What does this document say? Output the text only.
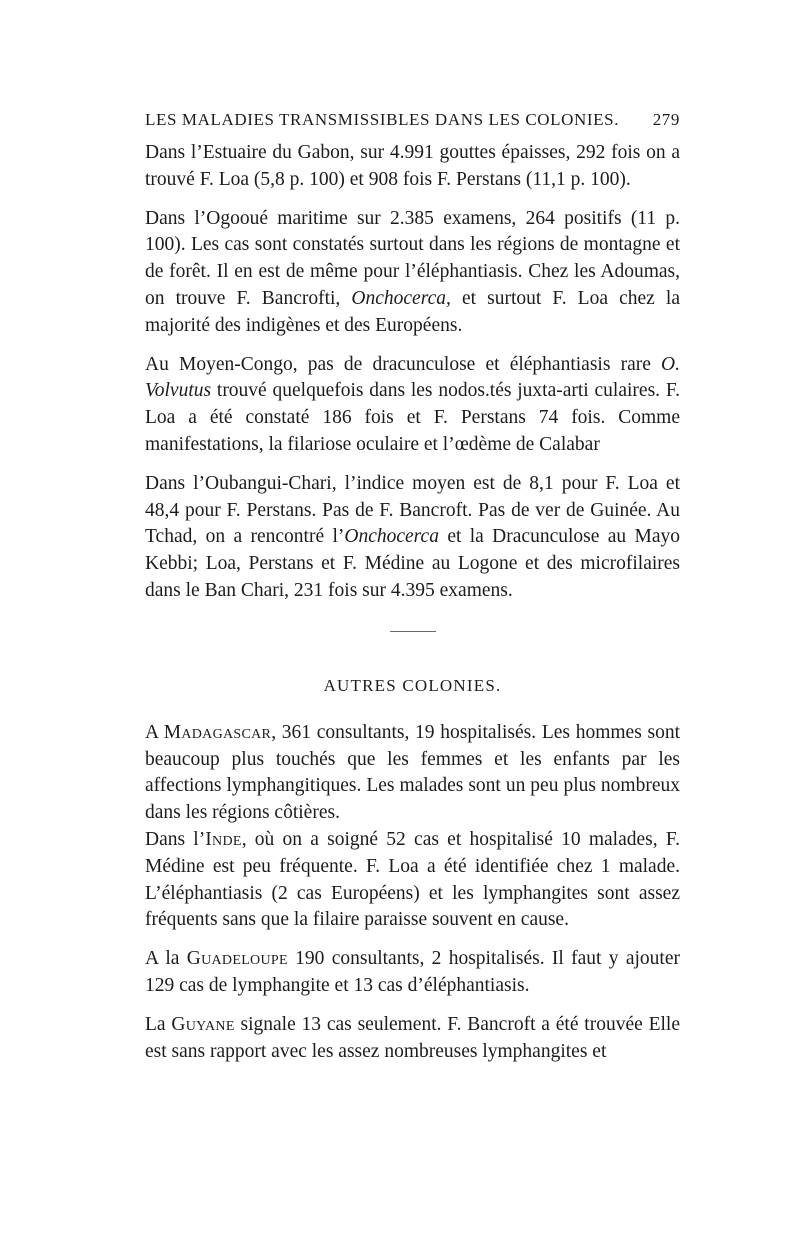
LES MALADIES TRANSMISSIBLES DANS LES COLONIES. 279

Dans l’Estuaire du Gabon, sur 4.991 gouttes épaisses, 292 fois on a trouvé F. Loa (5,8 p. 100) et 908 fois F. Perstans (11,1 p. 100).

Dans l’Ogooué maritime sur 2.385 examens, 264 positifs (11 p. 100). Les cas sont constatés surtout dans les régions de montagne et de forêt. Il en est de même pour l’éléphantiasis. Chez les Adoumas, on trouve F. Bancrofti, Onchocerca, et surtout F. Loa chez la majorité des indigènes et des Européens.

Au Moyen-Congo, pas de dracunculose et éléphantiasis rare O. Volvutus trouvé quelquefois dans les nodos.tés juxta-arti culaires. F. Loa a été constaté 186 fois et F. Perstans 74 fois. Comme manifestations, la filariose oculaire et l’œdème de Calabar

Dans l’Oubangui-Chari, l’indice moyen est de 8,1 pour F. Loa et 48,4 pour F. Perstans. Pas de F. Bancroft. Pas de ver de Guinée. Au Tchad, on a rencontré l’Onchocerca et la Dracunculose au Mayo Kebbi; Loa, Perstans et F. Médine au Logone et des microfilaires dans le Ban Chari, 231 fois sur 4.395 examens.

AUTRES COLONIES.

A Madagascar, 361 consultants, 19 hospitalisés. Les hommes sont beaucoup plus touchés que les femmes et les enfants par les affections lymphangitiques. Les malades sont un peu plus nombreux dans les régions côtières.

Dans l’Inde, où on a soigné 52 cas et hospitalisé 10 malades, F. Médine est peu fréquente. F. Loa a été identifiée chez 1 malade. L’éléphantiasis (2 cas Européens) et les lymphangites sont assez fréquents sans que la filaire paraisse souvent en cause.

A la Guadeloupe 190 consultants, 2 hospitalisés. Il faut y ajouter 129 cas de lymphangite et 13 cas d’éléphantiasis.

La Guyane signale 13 cas seulement. F. Bancroft a été trouvée Elle est sans rapport avec les assez nombreuses lymphangites et
